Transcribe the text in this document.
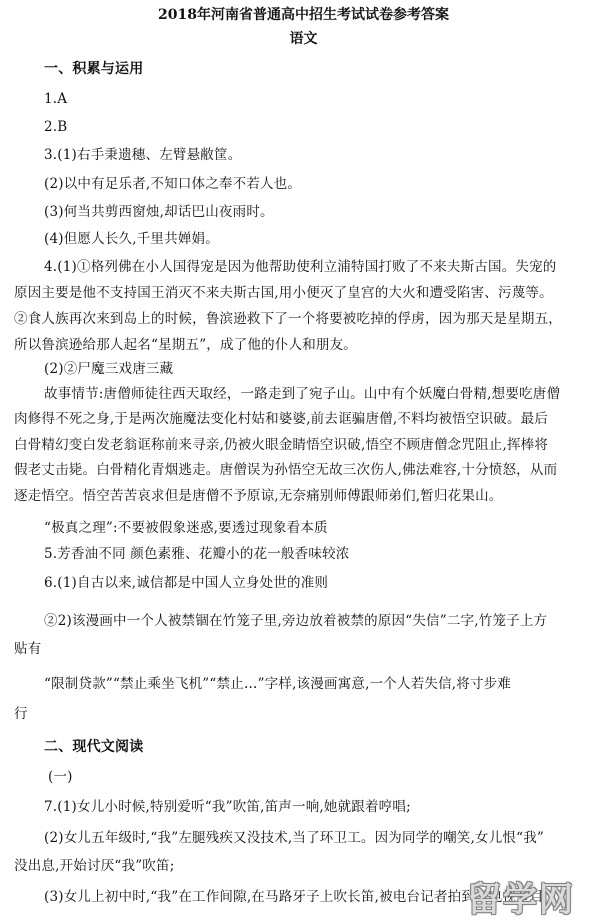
2018年河南省普通高中招生考试试卷参考答案
语文
一、积累与运用
1.A
2.B
3.(1)右手秉遗穗、左臂悬敝筐。
(2)以中有足乐者,不知口体之奉不若人也。
(3)何当共剪西窗烛,却话巴山夜雨时。
(4)但愿人长久,千里共婵娟。
4.(1)①格列佛在小人国得宠是因为他帮助使利立浦特国打败了不来夫斯古国。失宠的
原因主要是他不支持国王消灭不来夫斯古国,用小便灭了皇宫的大火和遭受陷害、污蔑等。
②食人族再次来到岛上的时候，鲁滨逊救下了一个将要被吃掉的俘虏，因为那天是星期五，
所以鲁滨逊给那人起名“星期五”，成了他的仆人和朋友。
(2)②尸魔三戏唐三藏
故事情节:唐僧师徒往西天取经，一路走到了宛子山。山中有个妖魔白骨精,想要吃唐僧
肉修得不死之身,于是两次施魔法变化村姑和婆婆,前去诓骗唐僧,不料均被悟空识破。最后
白骨精幻变白发老翁诓称前来寻亲,仍被火眼金睛悟空识破,悟空不顾唐僧念咒阻止,挥棒将
假老丈击毙。白骨精化青烟逃走。唐僧误为孙悟空无故三次伤人,佛法难容,十分愤怒，从而
逐走悟空。悟空苦苦哀求但是唐僧不予原谅,无奈痛别师傅跟师弟们,暂归花果山。
“极真之理”:不要被假象迷惑,要透过现象看本质
5.芳香油不同 颜色素雅、花瓣小的花一般香味较浓
6.(1)自古以来,诚信都是中国人立身处世的准则
②2)该漫画中一个人被禁锢在竹笼子里,旁边放着被禁的原因“失信”二字,竹笼子上方
贴有
“限制贷款”“禁止乘坐飞机”“禁止…”字样,该漫画寓意,一个人若失信,将寸步难
行
二、现代文阅读
(一)
7.(1)女儿小时候,特别爱听“我”吹笛,笛声一响,她就跟着哼唱;
(2)女儿五年级时,“我”左腿残疾又没技术,当了环卫工。因为同学的嘲笑,女儿恨“我”
没出息,开始讨厌“我”吹笛;
(3)女儿上初中时,“我”在工作间隙,在马路牙子上吹长笛,被电台记者拍到了电视节目
留学网
